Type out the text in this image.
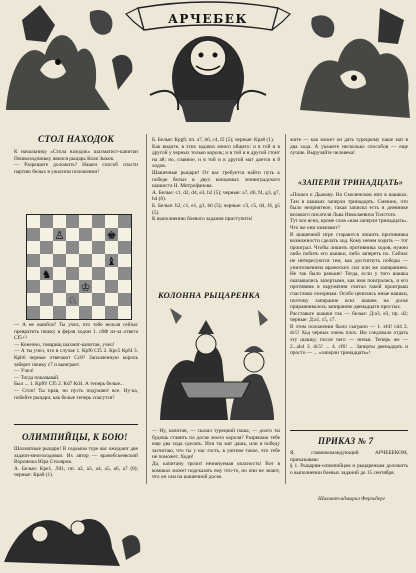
АРЧЕБЕК
СТОЛ НАХОДОК
К начальнику «Стола находок» шахматист-капитан Пешкоходчишку явился рыцарь Коля Зыков.
— Разрешите доложить? Нашел способ спасти партию белых в ужасном положении!
♚
♙
♝
♔
♘
♞
— А не ошибся? Ты учел, что тебе нельзя сейчас превратить пешку в ферзя ходом 1. c8Ф из-за ответа Сf5+?
— Конечно, товарищ шахмат-капитан, учел!
— А ты учел, что в случае 1. Крf6 Сf5 2. Крc5 Крf4 3. Крb6 черные отвечают Сc8? Заплаченную король заберет пешку c7 и выиграет.
— Учел!
— Тогда показывай.
Был ... 1. Крf6! Сf5 2. Кd7 Кd4. А теперь белые...
— Стоп! Ты прав, но пусть подумают все. Ну-ка, побейте рыцари, как белые теперь спасутся?
ОЛИМПИЙЦЫ, К БОЮ!
Шахматные рыцари! В седьмом туре вас ожидают две задачи-многоходовки. Их автор — врачебскеевский Воронежа Юра Столяров.
А. Белые: Крe1, Лd1, пп. a2, a3, a4, a5, a6, a7 (8); черные: Крa8 (1).
Б. Белые: Крg8, пп. a7, b6, c4, f2 (5); черные: Крa8 (1).
Как видите, в этих задачах много общего: и в той и в другой у черных только король; и в той и в другой стоит на a8; но, главное, и в той и в другой мат дается в 8 ходов.
Шашечные рыцари! От вас требуется найти путь к победе белых в двух концовках ленинградского шашиста Н. Митрофанова.
А. Белые: c1, d2, d4, e3, h2 (5); черные: a7, d6, f4, g3, g7, h4 (6).
Б. Белые: b2, c1, e1, g1, h6 (5); черные: c3, c5, d4, f4, g5 (5).
К выполнению боевого задания приступить!
КОЛОННА РЫЦАРЕНКА
— Ну, капитан, — сказал турецкий паша, — долго ты будешь ставить по доске моего короля? Разрешаю тебе еще два хода сделать. Или ты мат дашь, или я победу засчитаю, что ты у нас гость, в уютное такое, что тебе не поможет. Ходи!
Да, капитану грозит неминуемая опасность! Вот в комиках может подсказать ему что-то, но они не знают, что он сам на шашечной доске.
жите — как может он дать турецкому паше мат в два хода. А укажете несколько способов — еще лучше. Выручайте человека!
«ЗАПЕРЛИ ТРИНАДЦАТЬ»
«Пошел к Дыжову. На Смоленском ипп в шашках. Там в шашках заперли тринадцать. Смешно, что было неприятное, такая записка есть в дневнике великого писателя Льва Николаевича Толстого.
Тут все ясно, кроме слов «нам заперли тринадцать». Что же они означают?
В шашечной игре стараются лишить противника возможности сделать ход. Кому нечем ходить — тот проиграл. Чтобы лишить противника ходов, нужно либо побить его шашки, либо запереть их. Сейчас не интересуются тем, как достигнуть победы — уничтожением вражеских сил или же запиранием. Не так было раньше! Тогда, если у того шашка оказывались запертыми, как ими поигрались, и его противник в окружении считал такой проигрыш счастливо позорным. Особо ценились иные шашки, поэтому запирание всех шашек на доске приравнивалось запиранию двенадцати простых.
Расставьте шашки так — белые: Д:a3, e3, пр. d2; черные: Д:a1, c5, c7.
В этом положении было сыграно — 1. ef4! cd4 2. dc5! Ход черных очень плох. Им следовало отдать эту шашку, после чего — ничья. Теперь же — 2...ab4 3. dc5! ... 4. cf6! ... Заперты двенадцать и просто — ... «заперли тринадцать»!
ПРИКАЗ № 7
Я, главнокомандующий АРЧЕБЕКОМ, приказываю:
§ 1. Рыцарям-олимпийцам и рыцаренкам доложить о выполнении боевых заданий до 15 сентября.
Шахмат-адмирал Ферзьберг
